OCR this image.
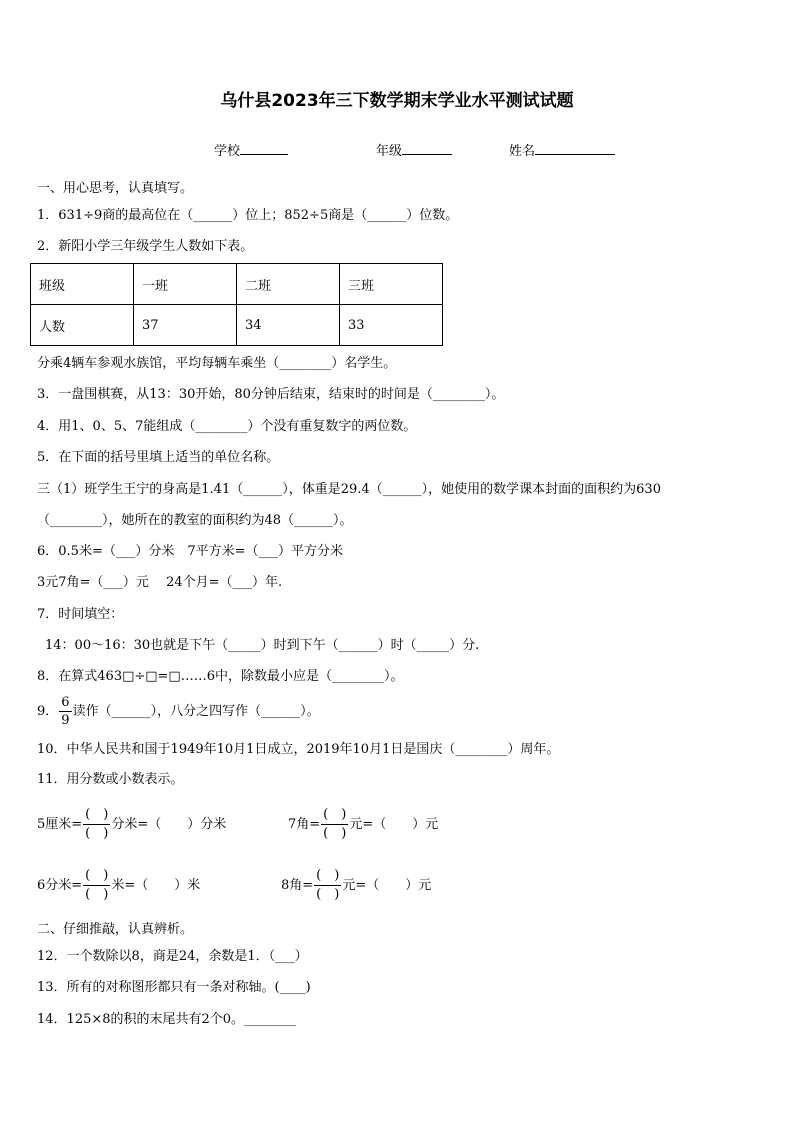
乌什县2023年三下数学期末学业水平测试试题
学校	年级	姓名
一、用心思考，认真填写。
1．631÷9商的最高位在（______）位上；852÷5商是（______）位数。
2．新阳小学三年级学生人数如下表。
班级	一班	二班	三班
人数	37	34	33
分乘4辆车参观水族馆，平均每辆车乘坐（________）名学生。
3．一盘围棋赛，从13：30开始，80分钟后结束，结束时的时间是（________）。
4．用1、0、5、7能组成（________）个没有重复数字的两位数。
5．在下面的括号里填上适当的单位名称。
三（1）班学生王宁的身高是1.41（______），体重是29.4（______），她使用的数学课本封面的面积约为630
（________），她所在的教室的面积约为48（______）。
6．0.5米=（___）分米　7平方米=（___）平方分米
3元7角=（___）元　 24个月=（___）年.
7．时间填空：
14：00～16：30也就是下午（_____）时到下午（______）时（_____）分.
8．在算式463□÷□=□……6中，除数最小应是（________）。
9． $\frac{6}{9}$ 读作（______），八分之四写作（______）。
10．中华人民共和国于1949年10月1日成立，2019年10月1日是国庆（________）周年。
11．用分数或小数表示。
5厘米= $\frac{( )}{( )}$ 分米=（　　）分米	7角= $\frac{( )}{( )}$ 元=（　　）元
6分米= $\frac{( )}{( )}$ 米=（　　）米	8角= $\frac{( )}{( )}$ 元=（　　）元
二、仔细推敲，认真辨析。
12．一个数除以8，商是24，余数是1．（___）
13．所有的对称图形都只有一条对称轴。(____)
14．125×8的积的末尾共有2个0。________
